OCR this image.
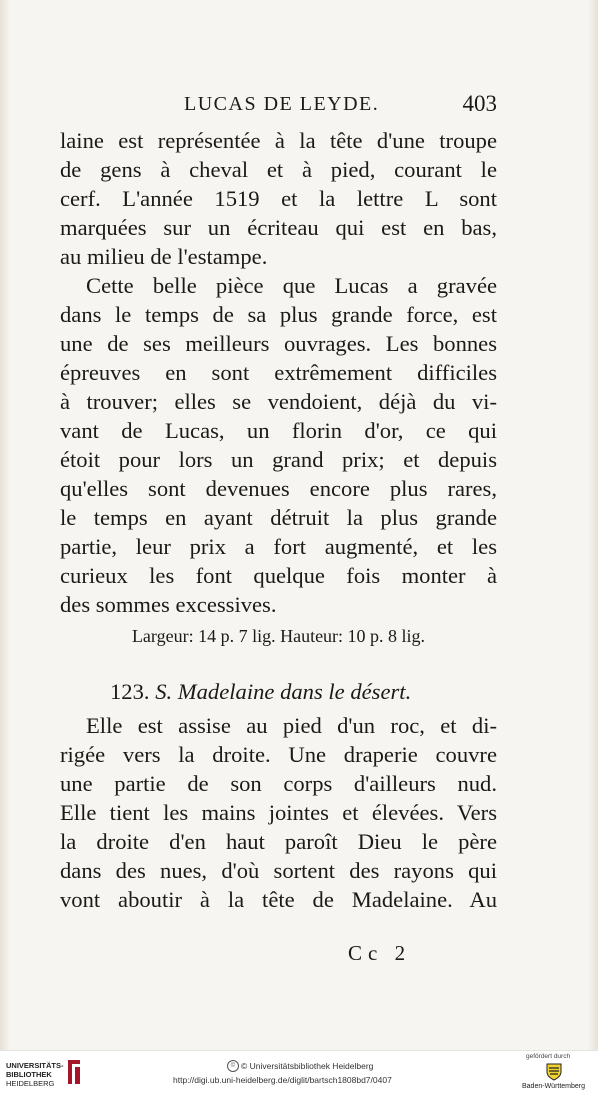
LUCAS DE LEYDE.	403
laine est représentée à la tête d'une troupe
de gens à cheval et à pied, courant le
cerf. L'année 1519 et la lettre L sont
marquées sur un écriteau qui est en bas,
au milieu de l'estampe.
Cette belle pièce que Lucas a gravée
dans le temps de sa plus grande force, est
une de ses meilleurs ouvrages. Les bonnes
épreuves en sont extrêmement difficiles
à trouver; elles se vendoient, déjà du vi-
vant de Lucas, un florin d'or, ce qui
étoit pour lors un grand prix; et depuis
qu'elles sont devenues encore plus rares,
le temps en ayant détruit la plus grande
partie, leur prix a fort augmenté, et les
curieux les font quelque fois monter à
des sommes excessives.
Largeur: 14 p. 7 lig. Hauteur: 10 p. 8 lig.
123. S. Madelaine dans le désert.
Elle est assise au pied d'un roc, et di-
rigée vers la droite. Une draperie couvre
une partie de son corps d'ailleurs nud.
Elle tient les mains jointes et élevées. Vers
la droite d'en haut paroît Dieu le père
dans des nues, d'où sortent des rayons qui
vont aboutir à la tête de Madelaine. Au
Cc 2
UNIVERSITÄTS-
BIBLIOTHEK
HEIDELBERG
© © Universitätsbibliothek Heidelberg
http://digi.ub.uni-heidelberg.de/diglit/bartsch1808bd7/0407
gefördert durch
Baden-Württemberg
